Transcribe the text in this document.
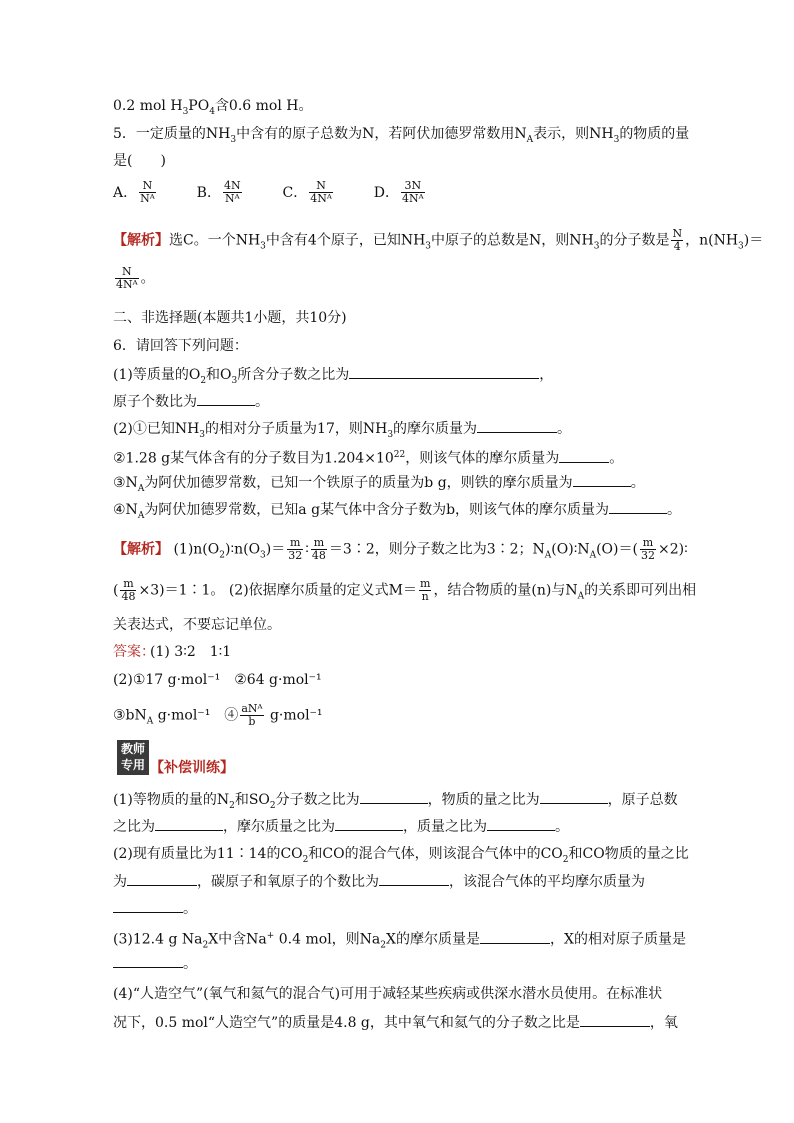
0.2 mol $H_3PO_4$含0.6 mol H。
5．一定质量的$NH_3$中含有的原子总数为N，若阿伏加德罗常数用$N_A$表示，则$NH_3$的物质的量
是(　　)
A． $\frac{N}{\text{Nᴬ}}$	B． $\frac{4N}{\text{Nᴬ}}$	C． $\frac{N}{\text{4Nᴬ}}$	D． $\frac{3N}{\text{4Nᴬ}}$
【解析】选C。一个$NH_3$中含有4个原子，已知$NH_3$中原子的总数是N，则$NH_3$的分子数是 $\frac{N}{4}$ ，$n(NH_3)=$
$\frac{N}{\text{4Nᴬ}}$ 。
二、非选择题(本题共1小题，共10分)
6．请回答下列问题：
(1)等质量的$O_2$和$O_3$所含分子数之比为	，
原子个数比为	。
(2)①已知$NH_3$的相对分子质量为17，则$NH_3$的摩尔质量为	。
②1.28 g某气体含有的分子数目为$1.204\times 10^{22}$，则该气体的摩尔质量为	。
$③N_A$为阿伏加德罗常数，已知一个铁原子的质量为b g，则铁的摩尔质量为	。
$④N_A$为阿伏加德罗常数，已知a g某气体中含分子数为b，则该气体的摩尔质量为	。
【解析】 $(1)n(O_2)∶n(O_3)= \frac{m}{32}$ ∶ $\frac{m}{48}$ ＝3∶2，则分子数之比为3∶2；$N_A(O)∶N_A(O)=( \frac{m}{32}$ ×2)∶
( $\frac{m}{48}$ ×3)＝1∶1。 (2)依据摩尔质量的定义式$M= \frac{m}{n}$ ，结合物质的量(n)与$N_A$的关系即可列出相
关表达式，不要忘记单位。
答案：
(1) 3∶2　1∶1
(2)①17 g·mol⁻¹　②64 g·mol⁻¹
$③bN_A$ g·mol⁻¹　④ $\frac{\text{aNᴬ}}{b} g\cdot mol^{-1}$
教师
专用 【补偿训练】
(1)等物质的量的$N_2$和$SO_2$分子数之比为	，物质的量之比为	，原子总数
之比为	，摩尔质量之比为	，质量之比为	。
(2)现有质量比为11∶14的$CO_2$和CO的混合气体，则该混合气体中的$CO_2$和CO物质的量之比
为	，碳原子和氧原子的个数比为	，该混合气体的平均摩尔质量为
。
(3)12.4 g $Na_2X$中含Na+ 0.4 mol，则$Na_2X$的摩尔质量是	，X的相对原子质量是
。
(4)“人造空气”(氧气和氦气的混合气)可用于减轻某些疾病或供深水潜水员使用。在标准状
况下，0.5 mol“人造空气”的质量是4.8 g，其中氧气和氦气的分子数之比是	，氧
